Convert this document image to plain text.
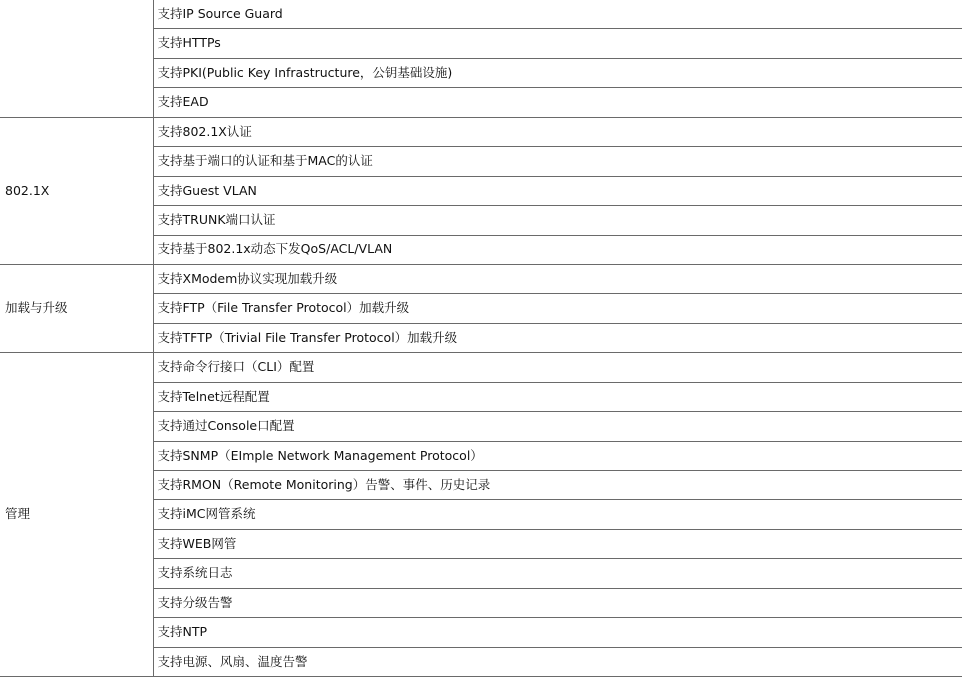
	支持IP Source Guard
	支持HTTPs
	支持PKI(Public Key Infrastructure，公钥基础设施)
	支持EAD
802.1X	支持802.1X认证
	支持基于端口的认证和基于MAC的认证
	支持Guest VLAN
	支持TRUNK端口认证
	支持基于802.1x动态下发QoS/ACL/VLAN
加载与升级	支持XModem协议实现加载升级
	支持FTP（File Transfer Protocol）加载升级
	支持TFTP（Trivial File Transfer Protocol）加载升级
管理	支持命令行接口（CLI）配置
	支持Telnet远程配置
	支持通过Console口配置
	支持SNMP（EImple Network Management Protocol）
	支持RMON（Remote Monitoring）告警、事件、历史记录
	支持iMC网管系统
	支持WEB网管
	支持系统日志
	支持分级告警
	支持NTP
	支持电源、风扇、温度告警
